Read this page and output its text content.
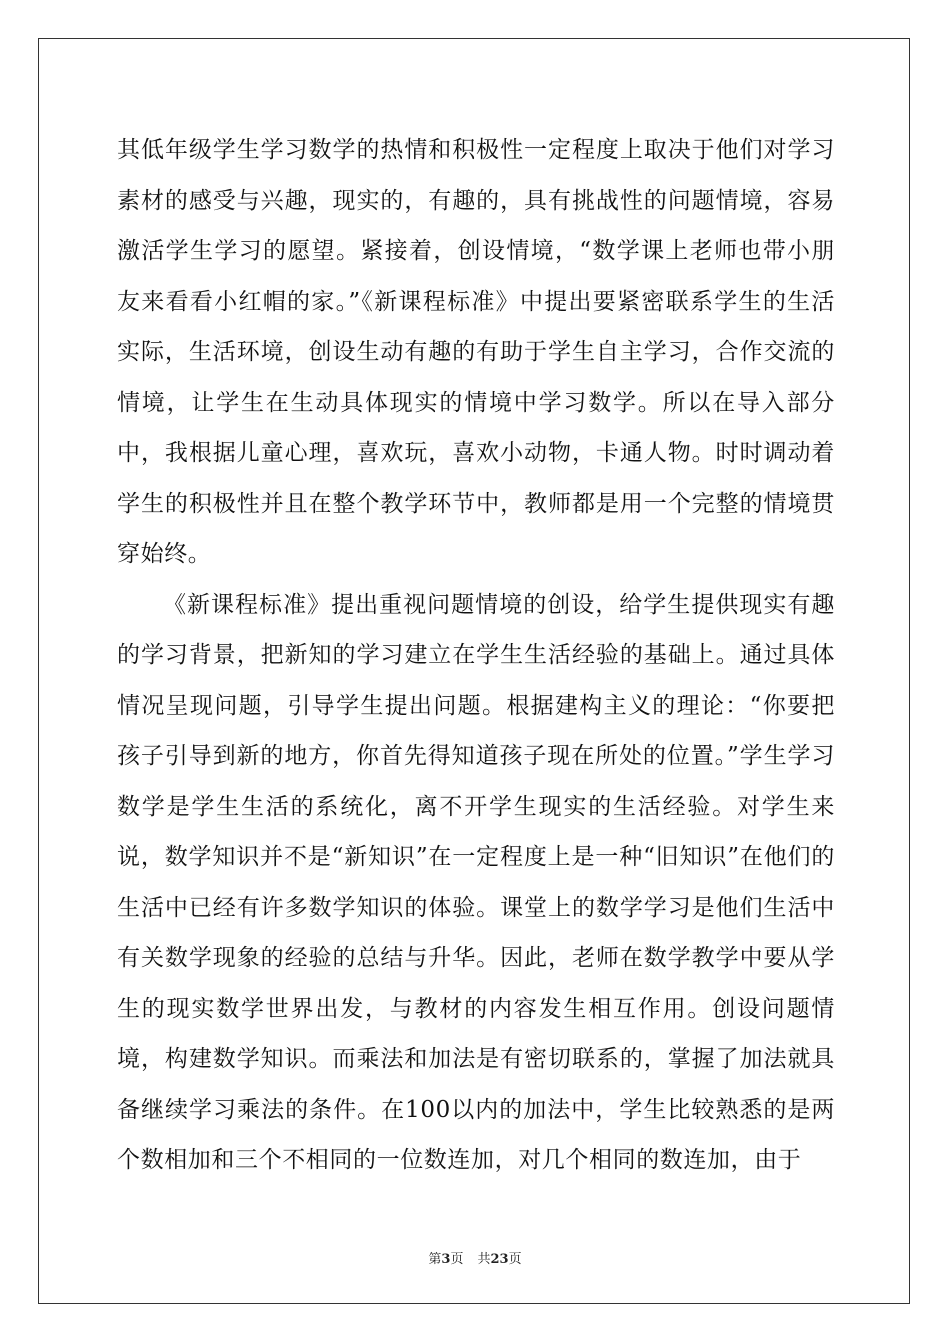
其低年级学生学习数学的热情和积极性一定程度上取决于他们对学习素材的感受与兴趣，现实的，有趣的，具有挑战性的问题情境，容易激活学生学习的愿望。紧接着，创设情境，“数学课上老师也带小朋友来看看小红帽的家。”《新课程标准》中提出要紧密联系学生的生活实际，生活环境，创设生动有趣的有助于学生自主学习，合作交流的情境，让学生在生动具体现实的情境中学习数学。所以在导入部分中，我根据儿童心理，喜欢玩，喜欢小动物，卡通人物。时时调动着学生的积极性并且在整个教学环节中，教师都是用一个完整的情境贯穿始终。

《新课程标准》提出重视问题情境的创设，给学生提供现实有趣的学习背景，把新知的学习建立在学生生活经验的基础上。通过具体情况呈现问题，引导学生提出问题。根据建构主义的理论：“你要把孩子引导到新的地方，你首先得知道孩子现在所处的位置。”学生学习数学是学生生活的系统化，离不开学生现实的生活经验。对学生来说，数学知识并不是“新知识”在一定程度上是一种“旧知识”在他们的生活中已经有许多数学知识的体验。课堂上的数学学习是他们生活中有关数学现象的经验的总结与升华。因此，老师在数学教学中要从学生的现实数学世界出发，与教材的内容发生相互作用。创设问题情境，构建数学知识。而乘法和加法是有密切联系的，掌握了加法就具备继续学习乘法的条件。在100以内的加法中，学生比较熟悉的是两个数相加和三个不相同的一位数连加，对几个相同的数连加，由于

第3页 共23页
